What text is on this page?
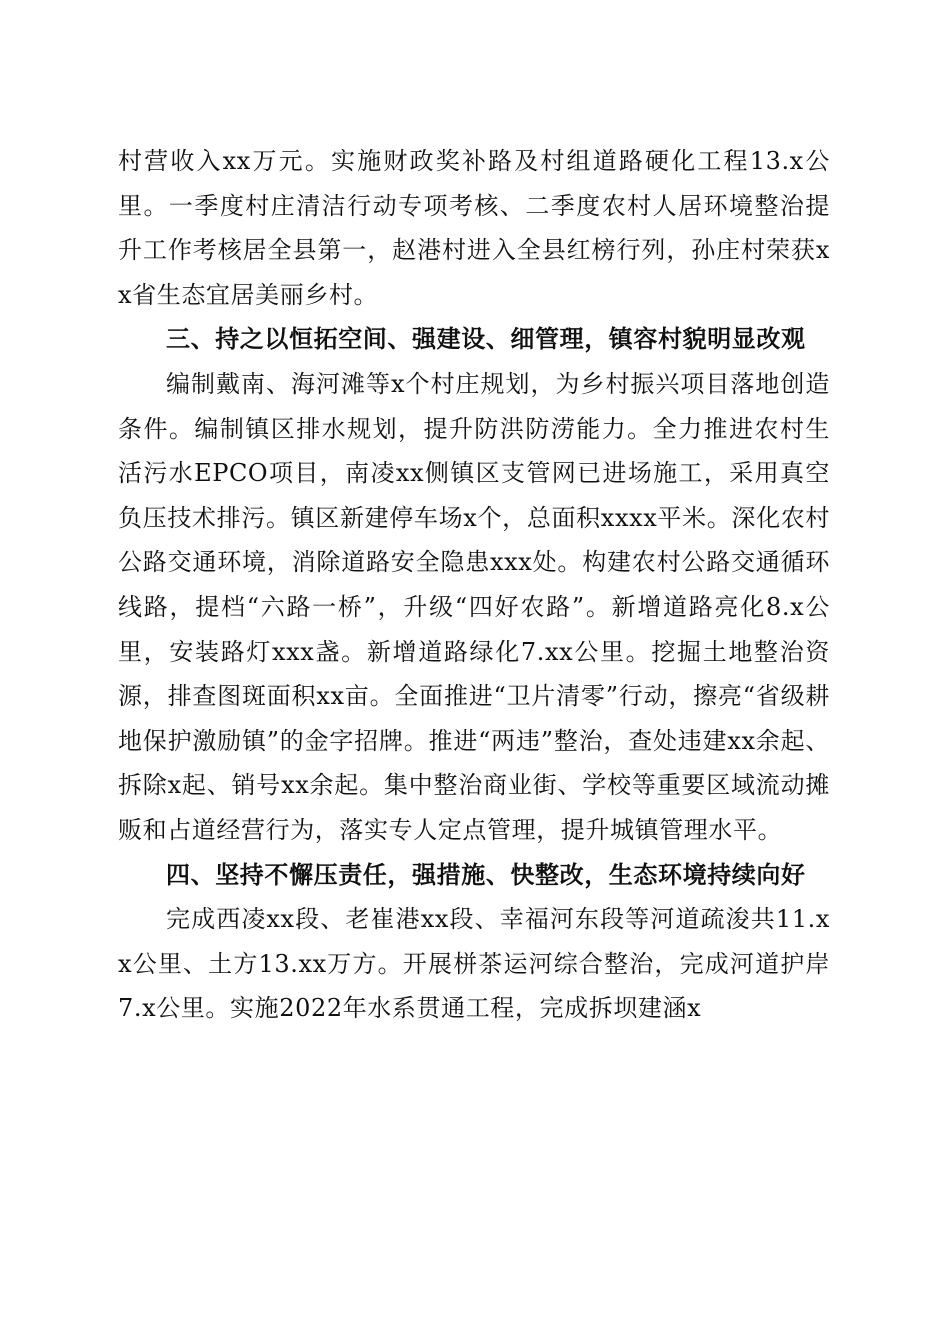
村营收入xx万元。实施财政奖补路及村组道路硬化工程13.x公里。一季度村庄清洁行动专项考核、二季度农村人居环境整治提升工作考核居全县第一，赵港村进入全县红榜行列，孙庄村荣获xx省生态宜居美丽乡村。

三、持之以恒拓空间、强建设、细管理，镇容村貌明显改观

编制戴南、海河滩等x个村庄规划，为乡村振兴项目落地创造条件。编制镇区排水规划，提升防洪防涝能力。全力推进农村生活污水EPCO项目，南凌xx侧镇区支管网已进场施工，采用真空负压技术排污。镇区新建停车场x个，总面积xxxx平米。深化农村公路交通环境，消除道路安全隐患xxx处。构建农村公路交通循环线路，提档“六路一桥”，升级“四好农路”。新增道路亮化8.x公里，安装路灯xxx盏。新增道路绿化7.xx公里。挖掘土地整治资源，排查图斑面积xx亩。全面推进“卫片清零”行动，擦亮“省级耕地保护激励镇”的金字招牌。推进“两违”整治，查处违建xx余起、拆除x起、销号xx余起。集中整治商业街、学校等重要区域流动摊贩和占道经营行为，落实专人定点管理，提升城镇管理水平。

四、坚持不懈压责任，强措施、快整改，生态环境持续向好

完成西凌xx段、老崔港xx段、幸福河东段等河道疏浚共11.xx公里、土方13.xx万方。开展栟茶运河综合整治，完成河道护岸7.x公里。实施2022年水系贯通工程，完成拆坝建涵x
